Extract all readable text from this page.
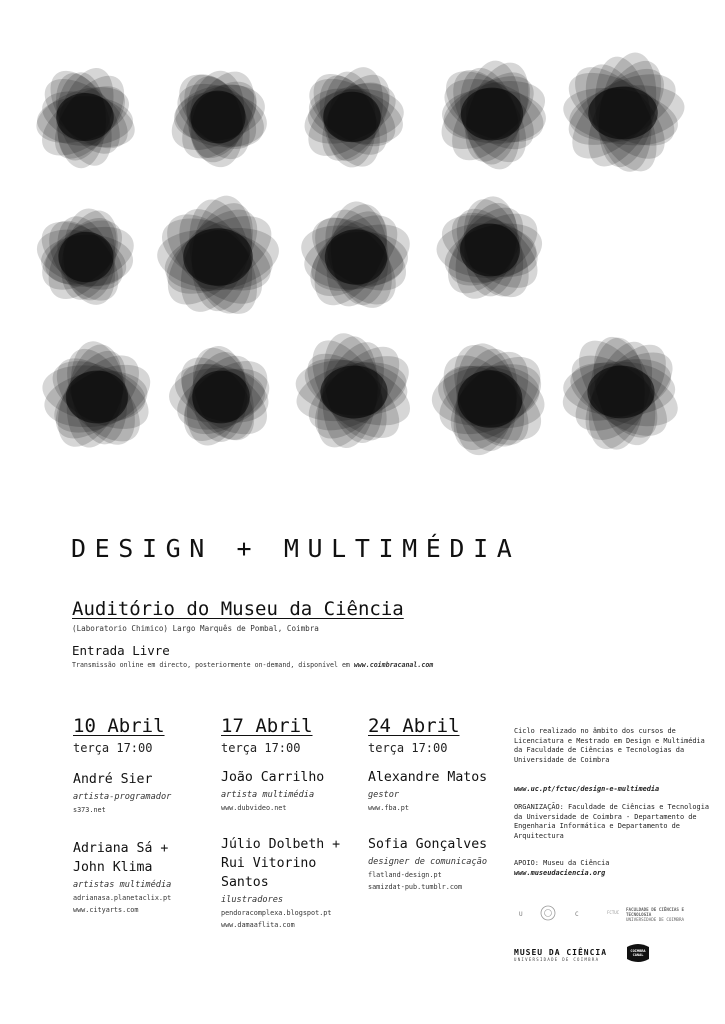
DESIGN + MULTIMÉDIA
Auditório do Museu da Ciência
(Laboratorio Chimico) Largo Marquês de Pombal, Coimbra
Entrada Livre
Transmissão online em directo, posteriormente on-demand, disponível em www.coimbracanal.com
10 Abril
terça 17:00
André Sier
artista-programador
s373.net
Adriana Sá + John Klima
artistas multimédia
adrianasa.planetaclix.pt
www.cityarts.com
17 Abril
terça 17:00
João Carrilho
artista multimédia
www.dubvideo.net
Júlio Dolbeth + Rui Vitorino Santos
ilustradores
pendoracomplexa.blogspot.pt
www.damaaflita.com
24 Abril
terça 17:00
Alexandre Matos
gestor
www.fba.pt
Sofia Gonçalves
designer de comunicação
flatland-design.pt
samizdat-pub.tumblr.com
Ciclo realizado no âmbito dos cursos de Licenciatura e Mestrado em Design e Multimédia da Faculdade de Ciências e Tecnologias da Universidade de Coimbra
www.uc.pt/fctuc/design-e-multimedia
ORGANIZAÇÃO: Faculdade de Ciências e Tecnologia da Universidade de Coimbra - Departamento de Engenharia Informática e Departamento de Arquitectura
APOIO: Museu da Ciência
www.museudaciencia.org
U	C	FCTUC
FACULDADE DE CIÊNCIAS E TECNOLOGIA
UNIVERSIDADE DE COIMBRA
MUSEU DA CIÊNCIA
UNIVERSIDADE DE COIMBRA
COIMBRA CANAL
